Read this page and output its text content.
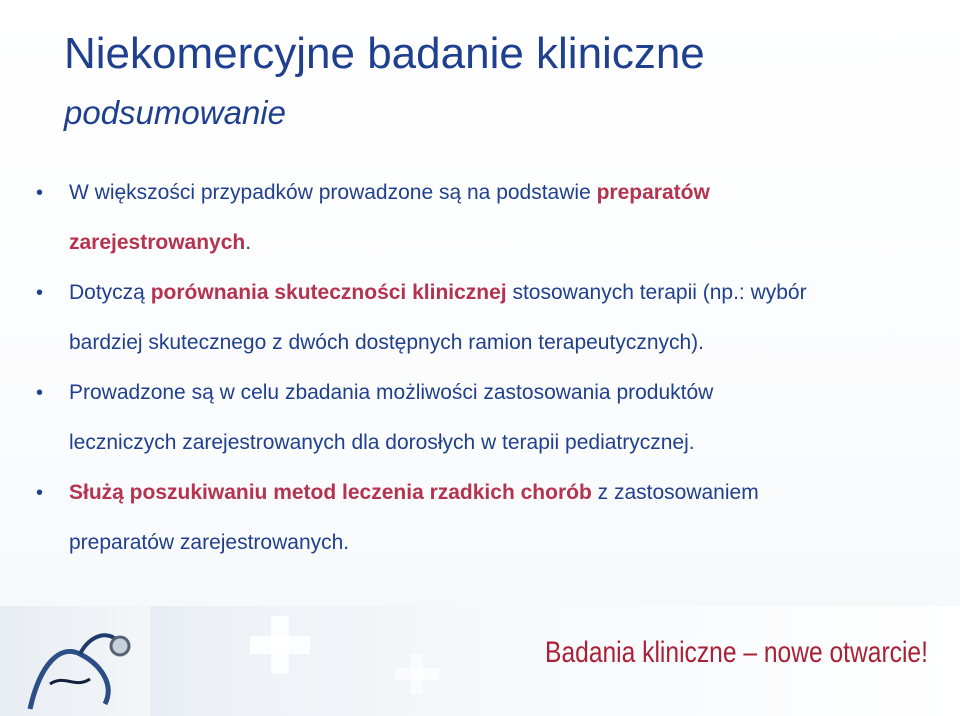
Niekomercyjne badanie kliniczne
podsumowanie
• W większości przypadków prowadzone są na podstawie preparatów
zarejestrowanych.
• Dotyczą porównania skuteczności klinicznej stosowanych terapii (np.: wybór
bardziej skutecznego z dwóch dostępnych ramion terapeutycznych).
• Prowadzone są w celu zbadania możliwości zastosowania produktów
leczniczych zarejestrowanych dla dorosłych w terapii pediatrycznej.
• Służą poszukiwaniu metod leczenia rzadkich chorób z zastosowaniem
preparatów zarejestrowanych.
Badania kliniczne – nowe otwarcie!
